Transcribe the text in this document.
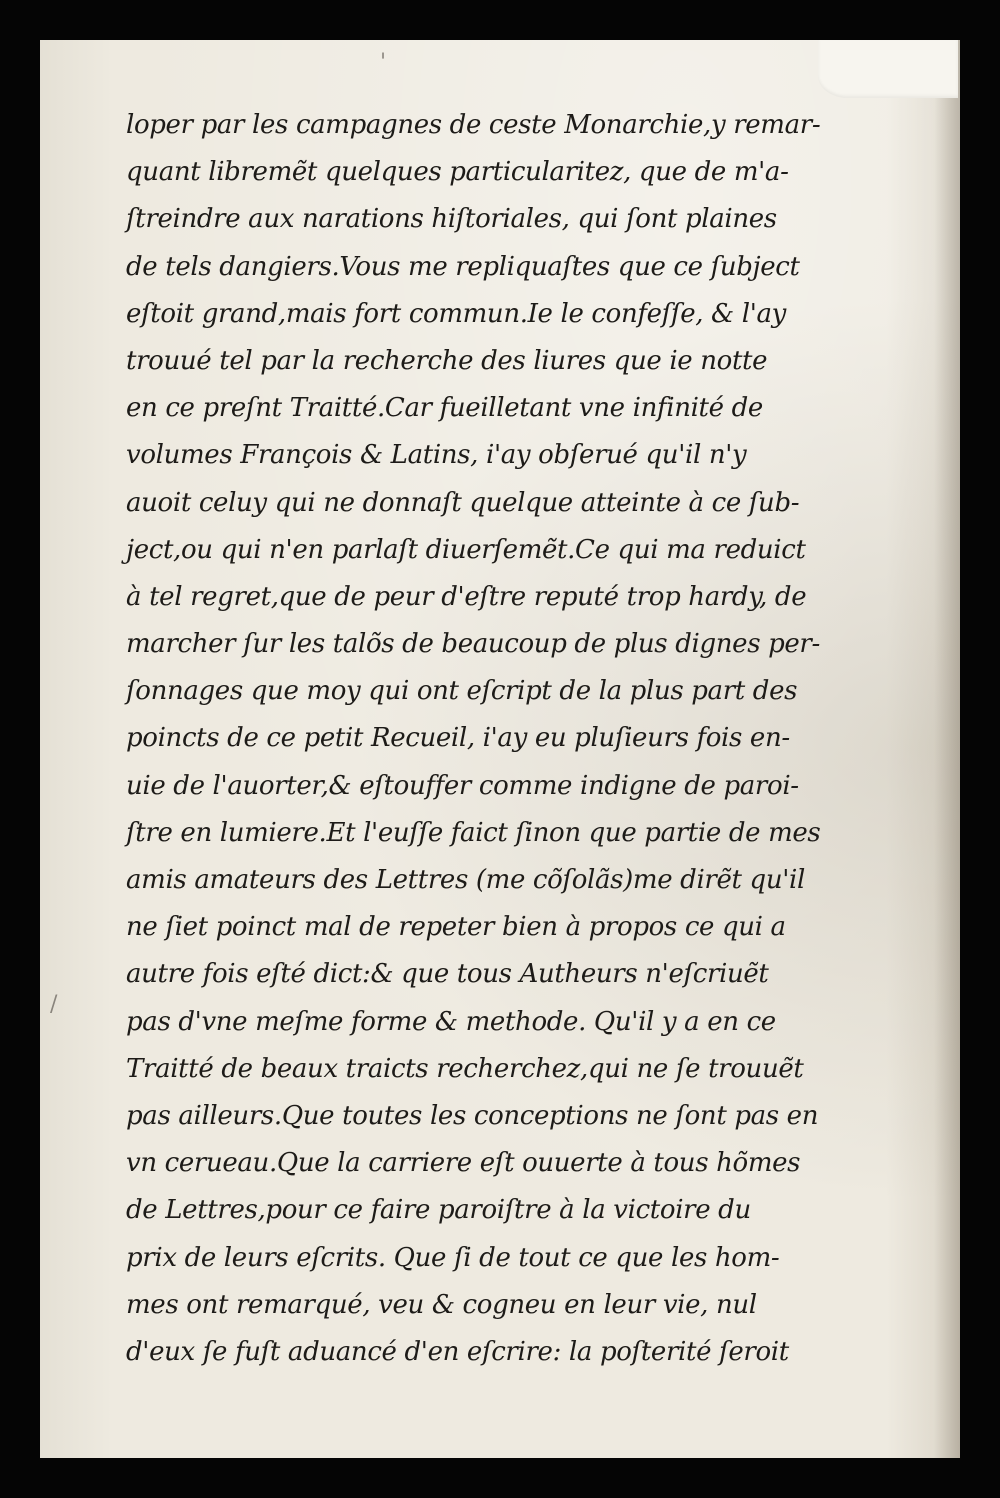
'
/
loper par les campagnes de ceste Monarchie,y remar-
quant libremẽt quelques particularitez, que de m'a-
ſtreindre aux narations hiſtoriales, qui ſont plaines
de tels dangiers.Vous me repliquaſtes que ce ſubject
eſtoit grand,mais fort commun.Ie le confeſſe, & l'ay
trouué tel par la recherche des liures que ie notte
en ce preſnt Traitté.Car fueilletant vne infinité de
volumes François & Latins, i'ay obſerué qu'il n'y
auoit celuy qui ne donnaſt quelque atteinte à ce ſub-
ject,ou qui n'en parlaſt diuerſemẽt.Ce qui ma reduict
à tel regret,que de peur d'eſtre reputé trop hardy, de
marcher ſur les talõs de beaucoup de plus dignes per-
ſonnages que moy qui ont eſcript de la plus part des
poincts de ce petit Recueil, i'ay eu pluſieurs fois en-
uie de l'auorter,& eſtouffer comme indigne de paroi-
ſtre en lumiere.Et l'euſſe faict ſinon que partie de mes
amis amateurs des Lettres (me cõſolãs)me dirẽt qu'il
ne ſiet poinct mal de repeter bien à propos ce qui a
autre fois eſté dict:& que tous Autheurs n'eſcriuẽt
pas d'vne meſme forme & methode. Qu'il y a en ce
Traitté de beaux traicts recherchez,qui ne ſe trouuẽt
pas ailleurs.Que toutes les conceptions ne ſont pas en
vn cerueau.Que la carriere eſt ouuerte à tous hõmes
de Lettres,pour ce faire paroiſtre à la victoire du
prix de leurs eſcrits. Que ſi de tout ce que les hom-
mes ont remarqué, veu & cogneu en leur vie, nul
d'eux ſe fuſt aduancé d'en eſcrire: la poſterité ſeroit
